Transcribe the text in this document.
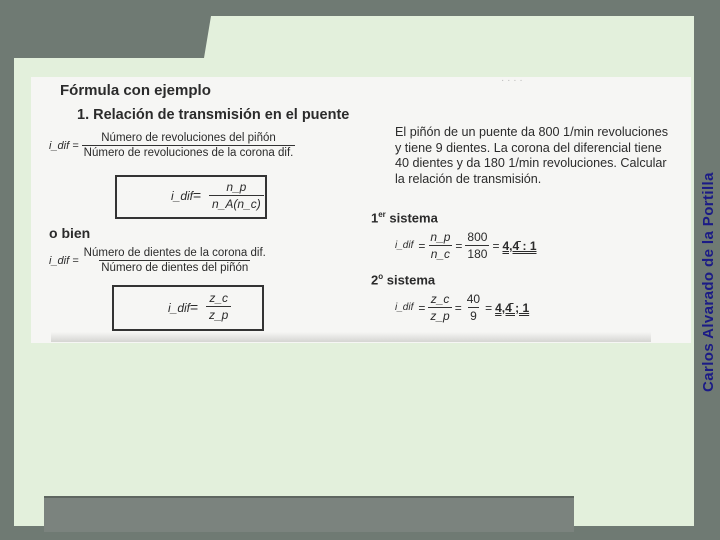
Carlos Alvarado de la Portilla
· · · ·
Fórmula con ejemplo
1. Relación de transmisión en el puente
i_dif = $\frac{\text{Número de revoluciones del piñón}}{\text{Número de revoluciones de la corona dif.}}$
i_dif = $\frac{n\_p}{n\_A(n\_c)}$
o bien
i_dif = $\frac{\text{Número de dientes de la corona dif.}}{\text{Número de dientes del piñón}}$
i_dif = $\frac{z\_c}{z\_p}$
El piñón de un puente da 800 1/min revoluciones y tiene 9 dientes. La corona del diferencial tiene 40 dientes y da 180 1/min revoluciones. Calcular la relación de transmisión.
1er sistema
i_dif = $\frac{n\_p}{n\_c} = \frac{800}{180}$ = 4,4̄ : 1
2$^o$ sistema
i_dif = $\frac{z\_c}{z\_p} = \frac{40}{9}$ = 4,4̄ ; 1
